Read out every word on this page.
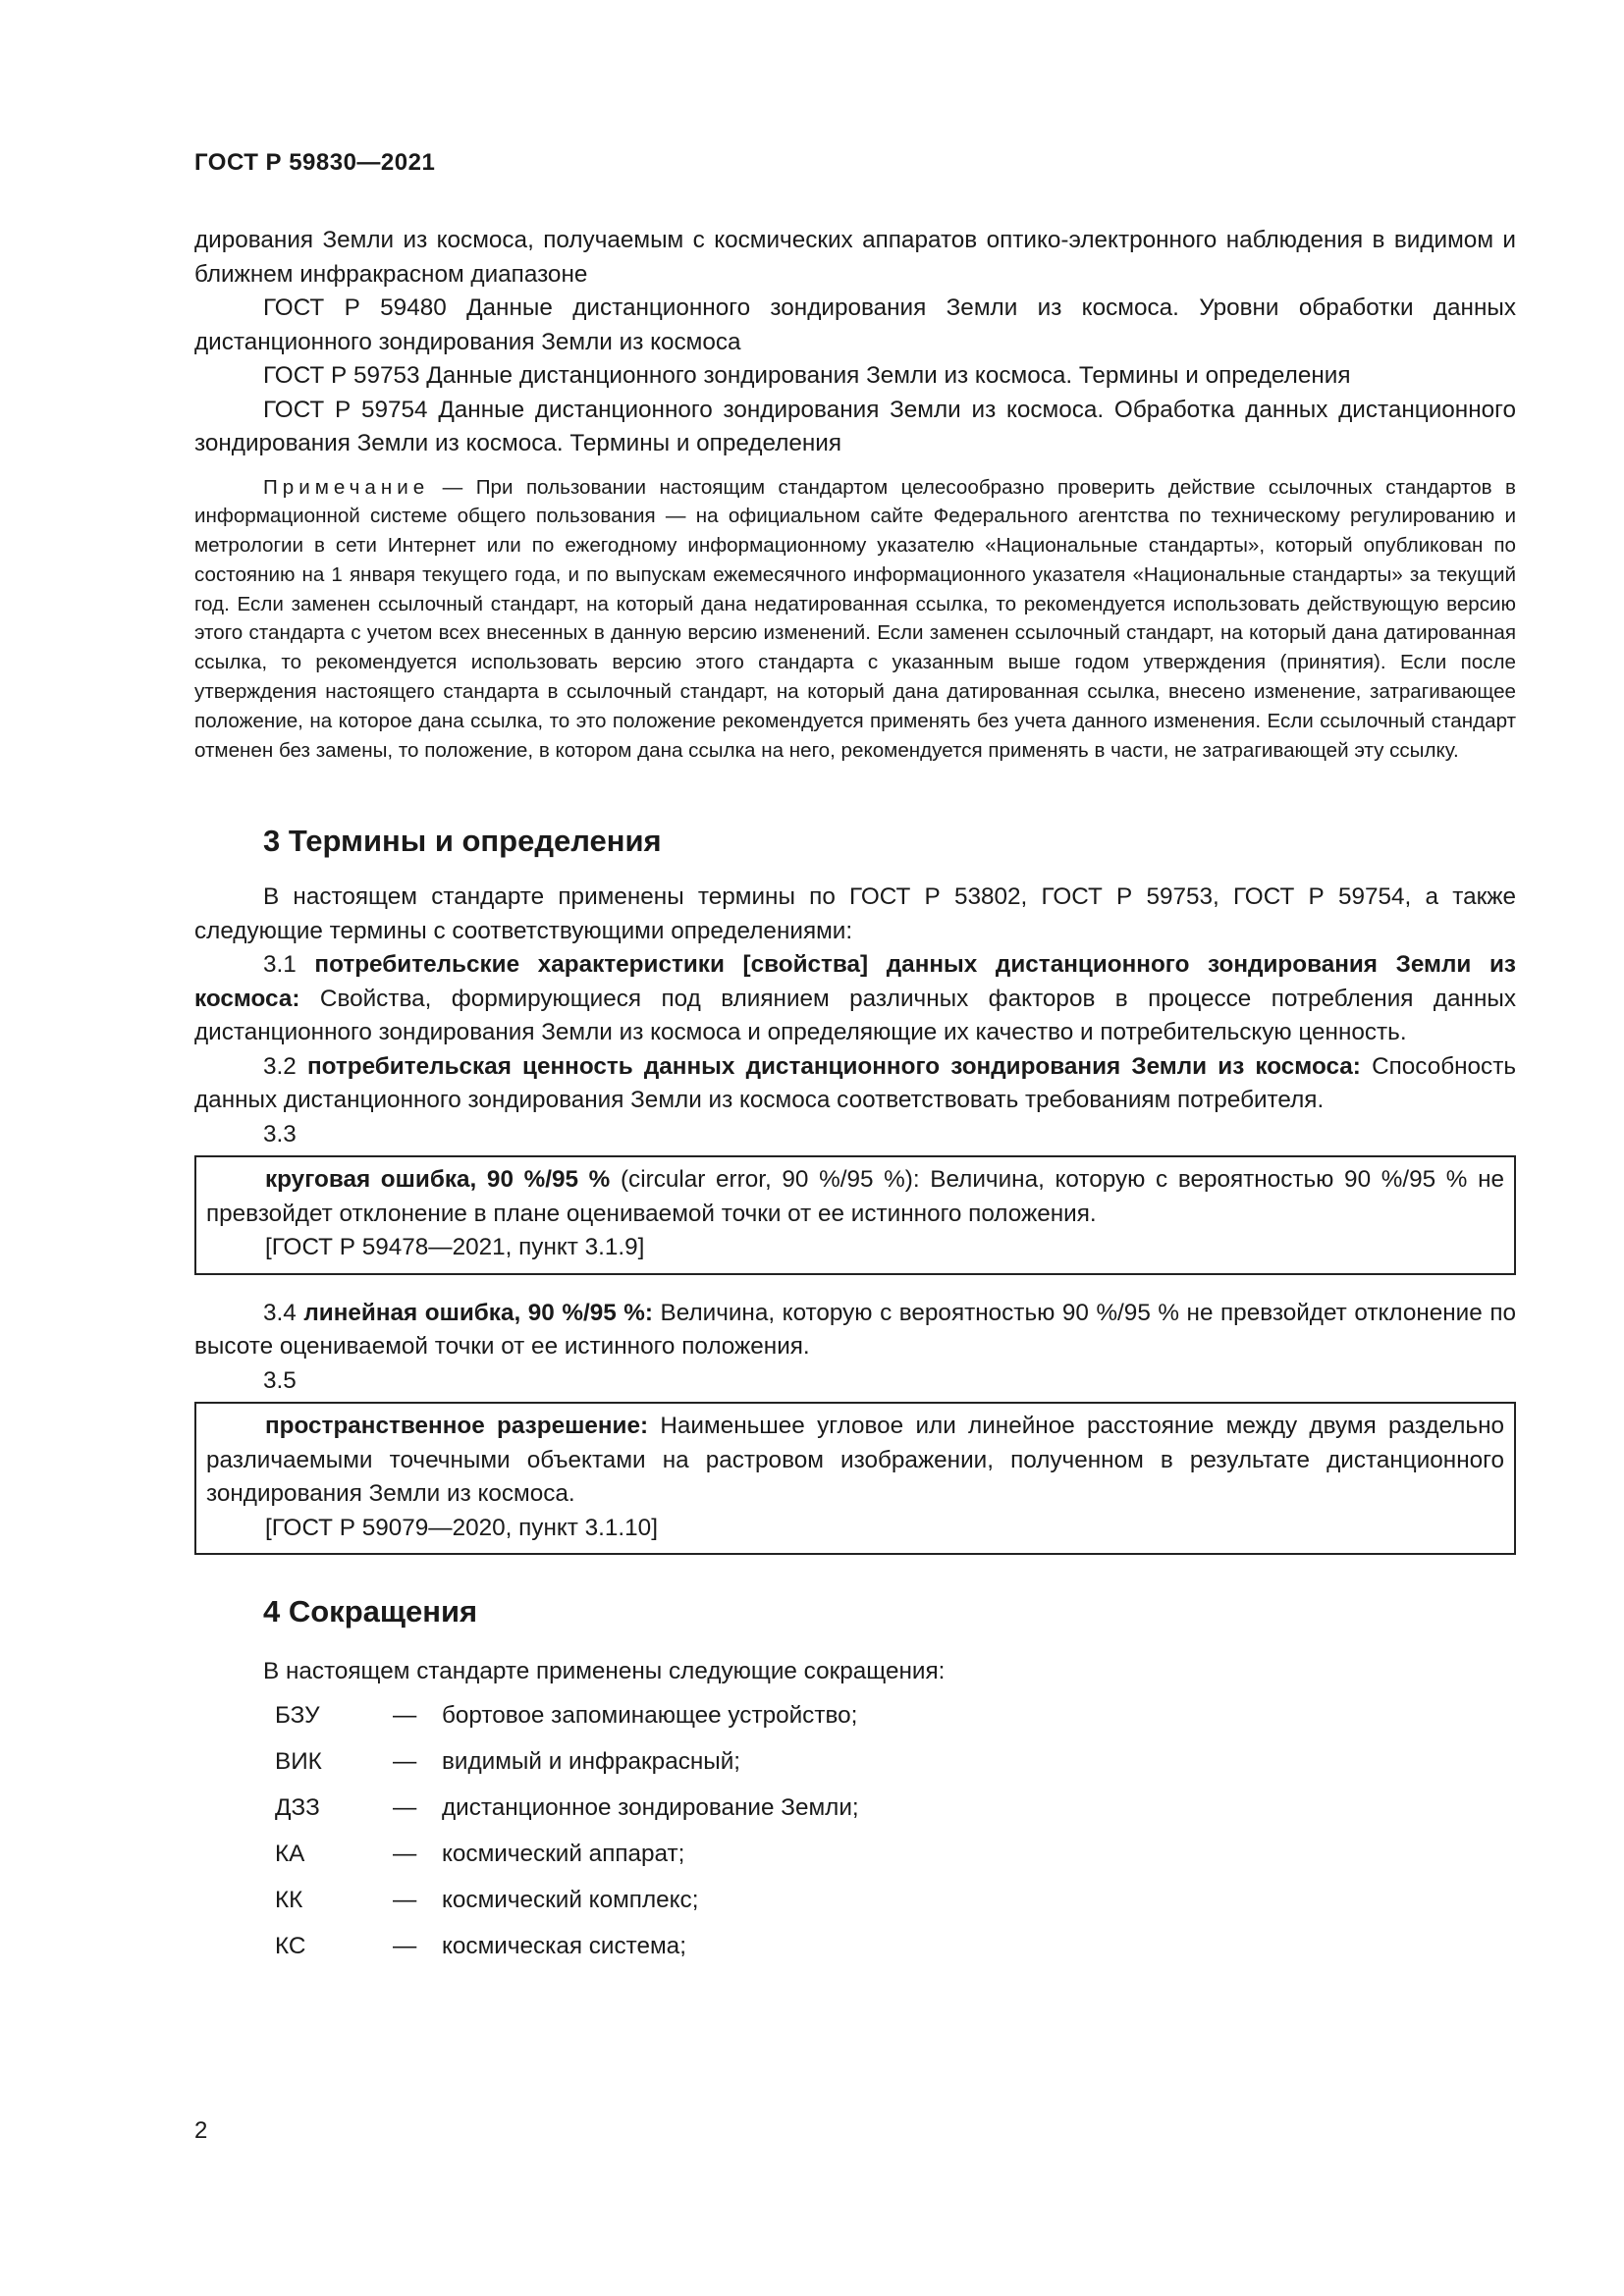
ГОСТ Р 59830—2021

дирования Земли из космоса, получаемым с космических аппаратов оптико-электронного наблюдения в видимом и ближнем инфракрасном диапазоне

ГОСТ Р 59480 Данные дистанционного зондирования Земли из космоса. Уровни обработки данных дистанционного зондирования Земли из космоса

ГОСТ Р 59753 Данные дистанционного зондирования Земли из космоса. Термины и определения

ГОСТ Р 59754 Данные дистанционного зондирования Земли из космоса. Обработка данных дистанционного зондирования Земли из космоса. Термины и определения

Примечание — При пользовании настоящим стандартом целесообразно проверить действие ссылочных стандартов в информационной системе общего пользования — на официальном сайте Федерального агентства по техническому регулированию и метрологии в сети Интернет или по ежегодному информационному указателю «Национальные стандарты», который опубликован по состоянию на 1 января текущего года, и по выпускам ежемесячного информационного указателя «Национальные стандарты» за текущий год. Если заменен ссылочный стандарт, на который дана недатированная ссылка, то рекомендуется использовать действующую версию этого стандарта с учетом всех внесенных в данную версию изменений. Если заменен ссылочный стандарт, на который дана датированная ссылка, то рекомендуется использовать версию этого стандарта с указанным выше годом утверждения (принятия). Если после утверждения настоящего стандарта в ссылочный стандарт, на который дана датированная ссылка, внесено изменение, затрагивающее положение, на которое дана ссылка, то это положение рекомендуется применять без учета данного изменения. Если ссылочный стандарт отменен без замены, то положение, в котором дана ссылка на него, рекомендуется применять в части, не затрагивающей эту ссылку.

3 Термины и определения

В настоящем стандарте применены термины по ГОСТ Р 53802, ГОСТ Р 59753, ГОСТ Р 59754, а также следующие термины с соответствующими определениями:

3.1 потребительские характеристики [свойства] данных дистанционного зондирования Земли из космоса: Свойства, формирующиеся под влиянием различных факторов в процессе потребления данных дистанционного зондирования Земли из космоса и определяющие их качество и потребительскую ценность.

3.2 потребительская ценность данных дистанционного зондирования Земли из космоса: Способность данных дистанционного зондирования Земли из космоса соответствовать требованиям потребителя.

3.3

круговая ошибка, 90 %/95 % (circular error, 90 %/95 %): Величина, которую с вероятностью 90 %/95 % не превзойдет отклонение в плане оцениваемой точки от ее истинного положения.

[ГОСТ Р 59478—2021, пункт 3.1.9]

3.4 линейная ошибка, 90 %/95 %: Величина, которую с вероятностью 90 %/95 % не превзойдет отклонение по высоте оцениваемой точки от ее истинного положения.

3.5

пространственное разрешение: Наименьшее угловое или линейное расстояние между двумя раздельно различаемыми точечными объектами на растровом изображении, полученном в результате дистанционного зондирования Земли из космоса.

[ГОСТ Р 59079—2020, пункт 3.1.10]
4 Сокращения

В настоящем стандарте применены следующие сокращения:

БЗУ	—	бортовое запоминающее устройство;
ВИК	—	видимый и инфракрасный;
ДЗЗ	—	дистанционное зондирование Земли;
КА	—	космический аппарат;
КК	—	космический комплекс;
КС	—	космическая система;
2
